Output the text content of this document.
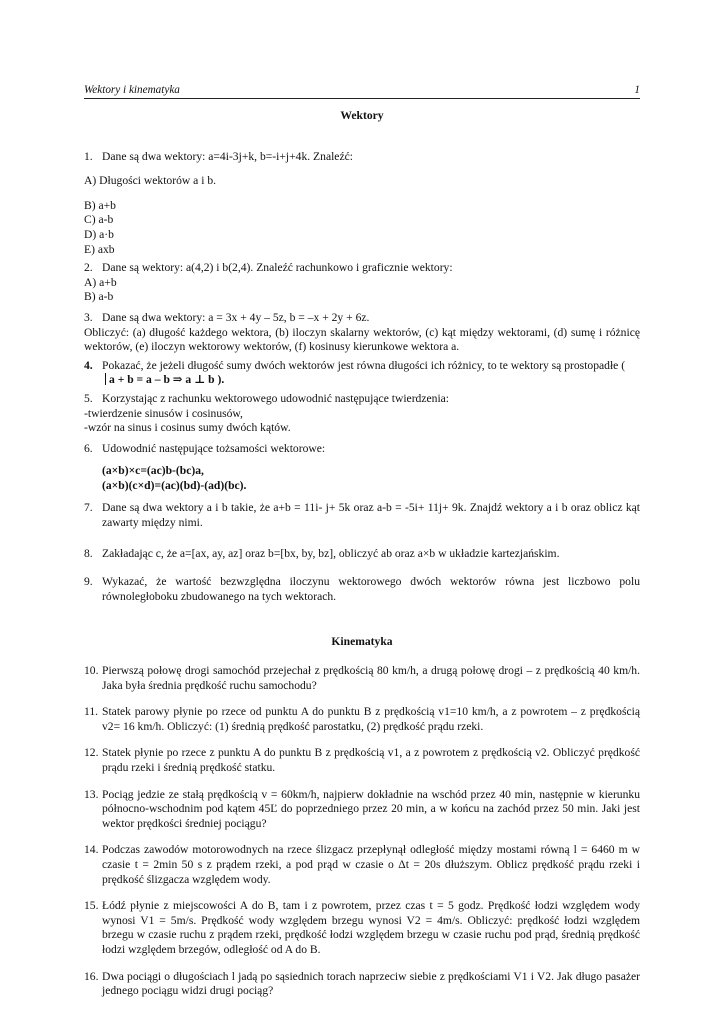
Wektory i kinematyka	1
Wektory
1. Dane są dwa wektory: a=4i-3j+k, b=-i+j+4k. Znaleźć:
A) Długości wektorów a i b.
B) a+b
C) a-b
D) a·b
E) axb
2. Dane są wektory: a(4,2) i b(2,4). Znaleźć rachunkowo i graficznie wektory:
A) a+b
B) a-b
3. Dane są dwa wektory: a = 3x + 4y – 5z, b = –x + 2y + 6z.
Obliczyć: (a) długość każdego wektora, (b) iloczyn skalarny wektorów, (c) kąt między wektorami, (d) sumę i różnicę wektorów, (e) iloczyn wektorowy wektorów, (f) kosinusy kierunkowe wektora a.
4. Pokazać, że jeżeli długość sumy dwóch wektorów jest równa długości ich różnicy, to te wektory są prostopadłe (
a + b = a – b ⇒ a ⊥ b ).
5. Korzystając z rachunku wektorowego udowodnić następujące twierdzenia:
-twierdzenie sinusów i cosinusów,
-wzór na sinus i cosinus sumy dwóch kątów.
6. Udowodnić następujące tożsamości wektorowe:
(a×b)×c=(ac)b-(bc)a,
(a×b)(c×d)=(ac)(bd)-(ad)(bc).
7. Dane są dwa wektory a i b takie, że a+b = 11i- j+ 5k oraz a-b = -5i+ 11j+ 9k. Znajdź wektory a i b oraz oblicz kąt zawarty między nimi.
8. Zakładając c, że a=[ax, ay, az] oraz b=[bx, by, bz], obliczyć ab oraz a×b w układzie kartezjańskim.
9. Wykazać, że wartość bezwzględna iloczynu wektorowego dwóch wektorów równa jest liczbowo polu równoległoboku zbudowanego na tych wektorach.
Kinematyka
10. Pierwszą połowę drogi samochód przejechał z prędkością 80 km/h, a drugą połowę drogi – z prędkością 40 km/h. Jaka była średnia prędkość ruchu samochodu?
11. Statek parowy płynie po rzece od punktu A do punktu B z prędkością v1=10 km/h, a z powrotem – z prędkością v2= 16 km/h. Obliczyć: (1) średnią prędkość parostatku, (2) prędkość prądu rzeki.
12. Statek płynie po rzece z punktu A do punktu B z prędkością v1, a z powrotem z prędkością v2. Obliczyć prędkość prądu rzeki i średnią prędkość statku.
13. Pociąg jedzie ze stałą prędkością v = 60km/h, najpierw dokładnie na wschód przez 40 min, następnie w kierunku północno-wschodnim pod kątem 45Ľ do poprzedniego przez 20 min, a w końcu na zachód przez 50 min. Jaki jest wektor prędkości średniej pociągu?
14. Podczas zawodów motorowodnych na rzece ślizgacz przepłynął odległość między mostami równą l = 6460 m w czasie t = 2min 50 s z prądem rzeki, a pod prąd w czasie o Δt = 20s dłuższym. Oblicz prędkość prądu rzeki i prędkość ślizgacza względem wody.
15. Łódź płynie z miejscowości A do B, tam i z powrotem, przez czas t = 5 godz. Prędkość łodzi względem wody wynosi V1 = 5m/s. Prędkość wody względem brzegu wynosi V2 = 4m/s. Obliczyć: prędkość łodzi względem brzegu w czasie ruchu z prądem rzeki, prędkość łodzi względem brzegu w czasie ruchu pod prąd, średnią prędkość łodzi względem brzegów, odległość od A do B.
16. Dwa pociągi o długościach l jadą po sąsiednich torach naprzeciw siebie z prędkościami V1 i V2. Jak długo pasażer jednego pociągu widzi drugi pociąg?
